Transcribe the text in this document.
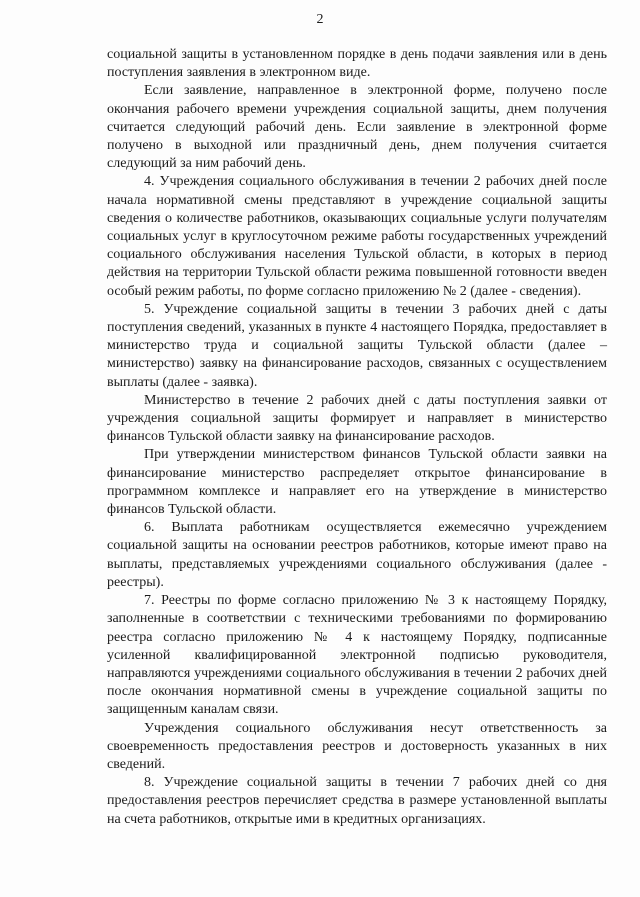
2

социальной защиты в установленном порядке в день подачи заявления или в день поступления заявления в электронном виде.

Если заявление, направленное в электронной форме, получено после окончания рабочего времени учреждения социальной защиты, днем получения считается следующий рабочий день. Если заявление в электронной форме получено в выходной или праздничный день, днем получения считается следующий за ним рабочий день.

4. Учреждения социального обслуживания в течении 2 рабочих дней после начала нормативной смены представляют в учреждение социальной защиты сведения о количестве работников, оказывающих социальные услуги получателям социальных услуг в круглосуточном режиме работы государственных учреждений социального обслуживания населения Тульской области, в которых в период действия на территории Тульской области режима повышенной готовности введен особый режим работы, по форме согласно приложению № 2 (далее - сведения).

5. Учреждение социальной защиты в течении 3 рабочих дней с даты поступления сведений, указанных в пункте 4 настоящего Порядка, предоставляет в министерство труда и социальной защиты Тульской области (далее – министерство) заявку на финансирование расходов, связанных с осуществлением выплаты (далее - заявка).

Министерство в течение 2 рабочих дней с даты поступления заявки от учреждения социальной защиты формирует и направляет в министерство финансов Тульской области заявку на финансирование расходов.

При утверждении министерством финансов Тульской области заявки на финансирование министерство распределяет открытое финансирование в программном комплексе и направляет его на утверждение в министерство финансов Тульской области.

6. Выплата работникам осуществляется ежемесячно учреждением социальной защиты на основании реестров работников, которые имеют право на выплаты, представляемых учреждениями социального обслуживания (далее - реестры).

7. Реестры по форме согласно приложению № 3 к настоящему Порядку, заполненные в соответствии с техническими требованиями по формированию реестра согласно приложению № 4 к настоящему Порядку, подписанные усиленной квалифицированной электронной подписью руководителя, направляются учреждениями социального обслуживания в течении 2 рабочих дней после окончания нормативной смены в учреждение социальной защиты по защищенным каналам связи.

Учреждения социального обслуживания несут ответственность за своевременность предоставления реестров и достоверность указанных в них сведений.

8. Учреждение социальной защиты в течении 7 рабочих дней со дня предоставления реестров перечисляет средства в размере установленной выплаты на счета работников, открытые ими в кредитных организациях.
